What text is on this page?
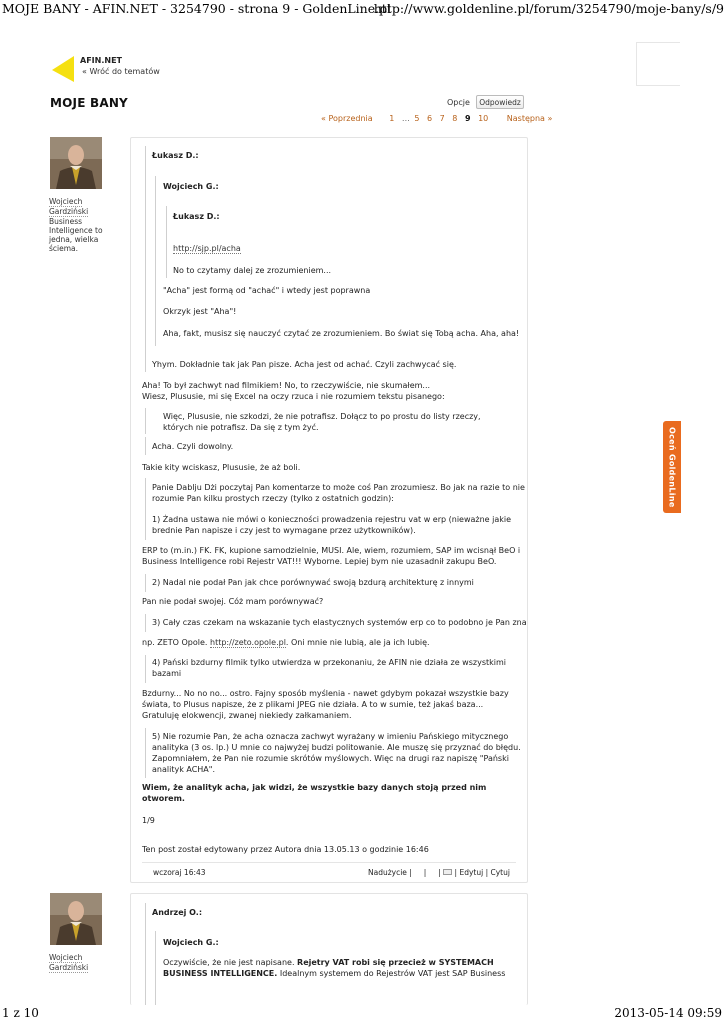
MOJE BANY - AFIN.NET - 3254790 - strona 9 - GoldenLine.pl
http://www.goldenline.pl/forum/3254790/moje-bany/s/9
Oceń GoldenLine
AFIN.NET
« Wróć do tematów
MOJE BANY	Opcje	Odpowiedz
« Poprzednia 1 … 5 6 7 8 9 10 Następna »
Wojciech
Gardziński
Business
Intelligence to
jedna, wielka
ściema.
Łukasz D.:
Wojciech G.:
Łukasz D.:
http://sjp.pl/acha
No to czytamy dalej ze zrozumieniem...
"Acha" jest formą od "achać" i wtedy jest poprawna
Okrzyk jest "Aha"!
Aha, fakt, musisz się nauczyć czytać ze zrozumieniem. Bo świat się Tobą acha. Aha, aha!
Yhym. Dokładnie tak jak Pan pisze. Acha jest od achać. Czyli zachwycać się.
Aha! To był zachwyt nad filmikiem! No, to rzeczywiście, nie skumałem...
Wiesz, Plususie, mi się Excel na oczy rzuca i nie rozumiem tekstu pisanego:
Więc, Plususie, nie szkodzi, że nie potrafisz. Dołącz to po prostu do listy rzeczy,
których nie potrafisz. Da się z tym żyć.
Acha. Czyli dowolny.
Takie kity wciskasz, Plususie, że aż boli.
Panie Dablju Dżi poczytaj Pan komentarze to może coś Pan zrozumiesz. Bo jak na razie to nie
rozumie Pan kilku prostych rzeczy (tylko z ostatnich godzin):
1) Żadna ustawa nie mówi o konieczności prowadzenia rejestru vat w erp (nieważne jakie
brednie Pan napisze i czy jest to wymagane przez użytkowników).
ERP to (m.in.) FK. FK, kupione samodzielnie, MUSI. Ale, wiem, rozumiem, SAP im wcisnął BeO i
Business Intelligence robi Rejestr VAT!!! Wyborne. Lepiej bym nie uzasadnił zakupu BeO.
2) Nadal nie podał Pan jak chce porównywać swoją bzdurą architekturę z innymi
Pan nie podał swojej. Cóż mam porównywać?
3) Cały czas czekam na wskazanie tych elastycznych systemów erp co to podobno je Pan zna
np. ZETO Opole. http://zeto.opole.pl. Oni mnie nie lubią, ale ja ich lubię.
4) Pański bzdurny filmik tylko utwierdza w przekonaniu, że AFIN nie działa ze wszystkimi
bazami
Bzdurny... No no no... ostro. Fajny sposób myślenia - nawet gdybym pokazał wszystkie bazy
świata, to Plusus napisze, że z plikami JPEG nie działa. A to w sumie, też jakaś baza...
Gratuluję elokwencji, zwanej niekiedy załkamaniem.
5) Nie rozumie Pan, że acha oznacza zachwyt wyrażany w imieniu Pańskiego mitycznego
analityka (3 os. lp.) U mnie co najwyżej budzi politowanie. Ale muszę się przyznać do błędu.
Zapomniałem, że Pan nie rozumie skrótów myślowych. Więc na drugi raz napiszę "Pański
analityk ACHA".
Wiem, że analityk acha, jak widzi, że wszystkie bazy danych stoją przed nim
otworem.
1/9
Ten post został edytowany przez Autora dnia 13.05.13 o godzinie 16:46
wczoraj 16:43	Nadużycie | | | | Edytuj | Cytuj
Wojciech
Gardziński
Andrzej O.:
Wojciech G.:
Oczywiście, że nie jest napisane. Rejetry VAT robi się przecież w SYSTEMACH
BUSINESS INTELLIGENCE. Idealnym systemem do Rejestrów VAT jest SAP Business
1 z 10	2013-05-14 09:59
